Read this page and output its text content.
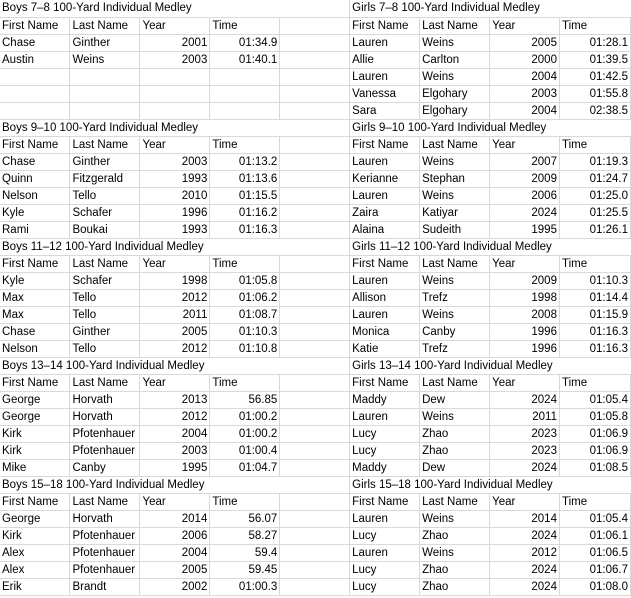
Boys 7–8 100-Yard Individual Medley					Girls 7–8 100-Yard Individual Medley			
First Name	Last Name	Year	Time		First Name	Last Name	Year	Time
Chase	Ginther	2001	01:34.9		Lauren	Weins	2005	01:28.1
Austin	Weins	2003	01:40.1		Allie	Carlton	2000	01:39.5
					Lauren	Weins	2004	01:42.5
					Vanessa	Elgohary	2003	01:55.8
					Sara	Elgohary	2004	02:38.5
Boys 9–10 100-Yard Individual Medley					Girls 9–10 100-Yard Individual Medley			
First Name	Last Name	Year	Time		First Name	Last Name	Year	Time
Chase	Ginther	2003	01:13.2		Lauren	Weins	2007	01:19.3
Quinn	Fitzgerald	1993	01:13.6		Kerianne	Stephan	2009	01:24.7
Nelson	Tello	2010	01:15.5		Lauren	Weins	2006	01:25.0
Kyle	Schafer	1996	01:16.2		Zaira	Katiyar	2024	01:25.5
Rami	Boukai	1993	01:16.3		Alaina	Sudeith	1995	01:26.1
Boys 11–12 100-Yard Individual Medley					Girls 11–12 100-Yard Individual Medley			
First Name	Last Name	Year	Time		First Name	Last Name	Year	Time
Kyle	Schafer	1998	01:05.8		Lauren	Weins	2009	01:10.3
Max	Tello	2012	01:06.2		Allison	Trefz	1998	01:14.4
Max	Tello	2011	01:08.7		Lauren	Weins	2008	01:15.9
Chase	Ginther	2005	01:10.3		Monica	Canby	1996	01:16.3
Nelson	Tello	2012	01:10.8		Katie	Trefz	1996	01:16.3
Boys 13–14 100-Yard Individual Medley					Girls 13–14 100-Yard Individual Medley			
First Name	Last Name	Year	Time		First Name	Last Name	Year	Time
George	Horvath	2013	56.85		Maddy	Dew	2024	01:05.4
George	Horvath	2012	01:00.2		Lauren	Weins	2011	01:05.8
Kirk	Pfotenhauer	2004	01:00.2		Lucy	Zhao	2023	01:06.9
Kirk	Pfotenhauer	2003	01:00.4		Lucy	Zhao	2023	01:06.9
Mike	Canby	1995	01:04.7		Maddy	Dew	2024	01:08.5
Boys 15–18 100-Yard Individual Medley					Girls 15–18 100-Yard Individual Medley			
First Name	Last Name	Year	Time		First Name	Last Name	Year	Time
George	Horvath	2014	56.07		Lauren	Weins	2014	01:05.4
Kirk	Pfotenhauer	2006	58.27		Lucy	Zhao	2024	01:06.1
Alex	Pfotenhauer	2004	59.4		Lauren	Weins	2012	01:06.5
Alex	Pfotenhauer	2005	59.45		Lucy	Zhao	2024	01:06.7
Erik	Brandt	2002	01:00.3		Lucy	Zhao	2024	01:08.0
